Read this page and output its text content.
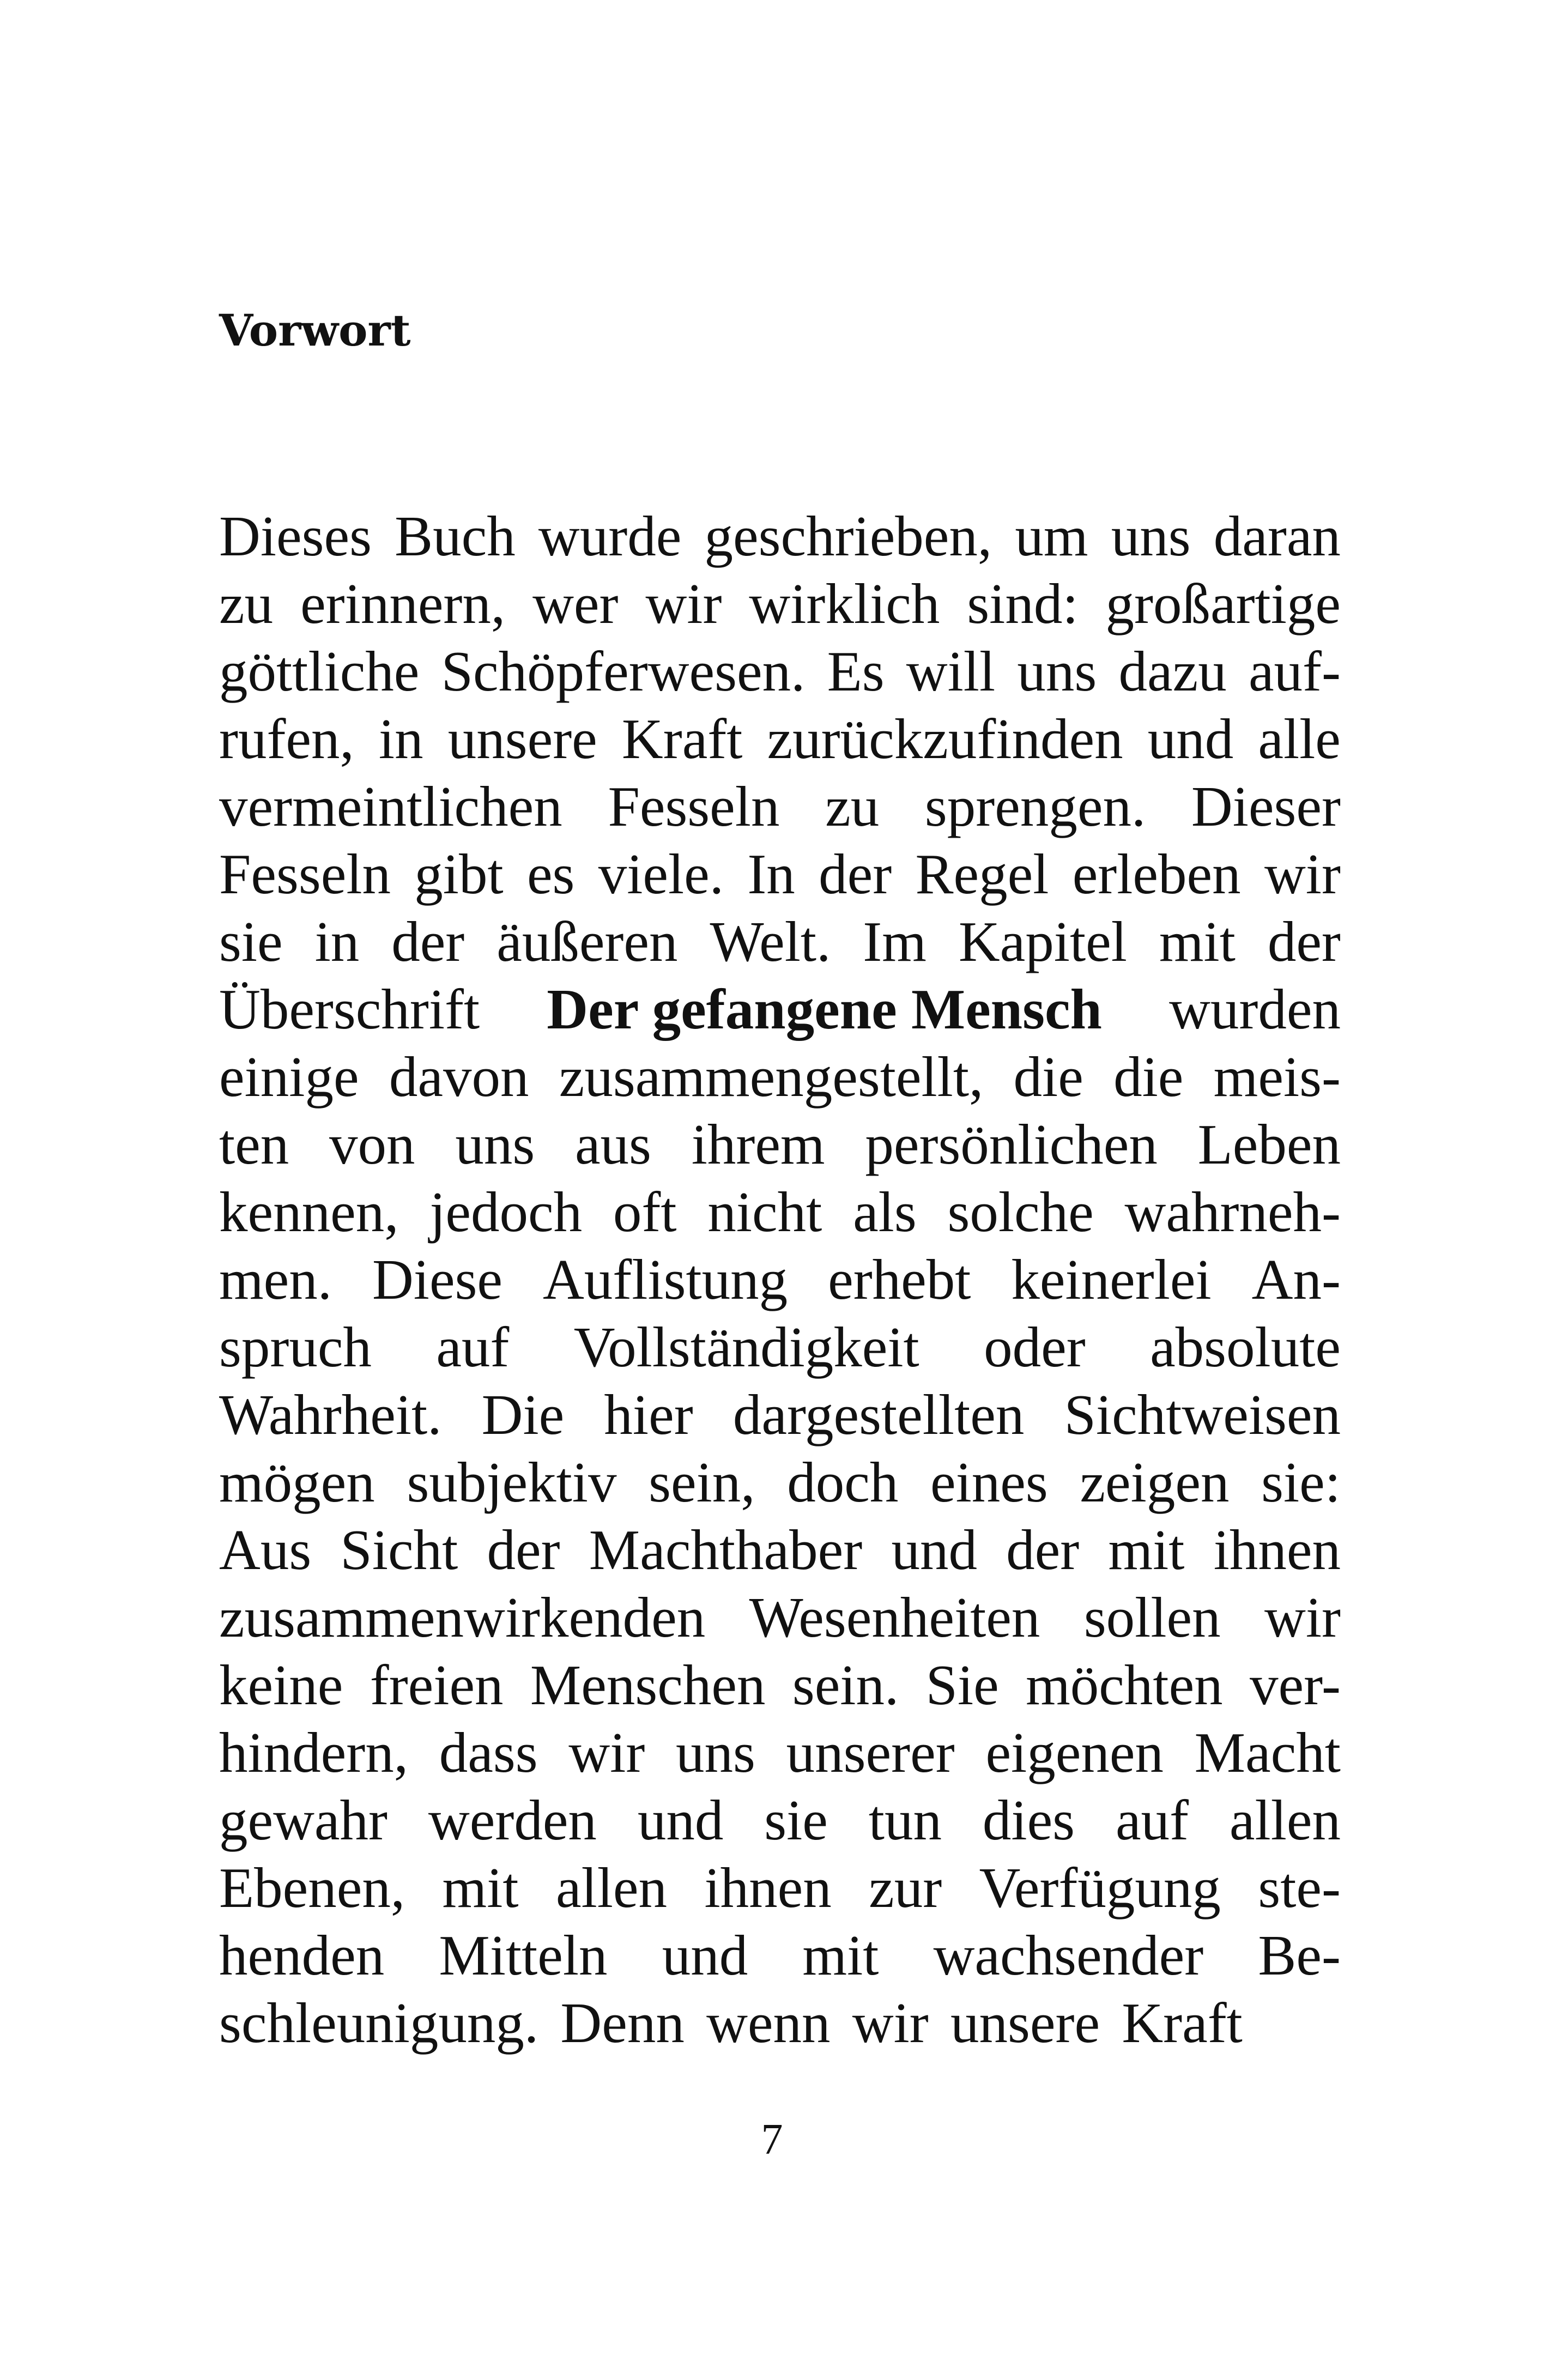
Vorwort
Dieses Buch wurde geschrieben, um uns daran
zu erinnern, wer wir wirklich sind: großartige
göttliche Schöpferwesen. Es will uns dazu auf-
rufen, in unsere Kraft zurückzufinden und alle
vermeintlichen Fesseln zu sprengen. Dieser
Fesseln gibt es viele. In der Regel erleben wir
sie in der äußeren Welt. Im Kapitel mit der
Überschrift Der gefangene Mensch wurden
einige davon zusammengestellt, die die meis-
ten von uns aus ihrem persönlichen Leben
kennen, jedoch oft nicht als solche wahrneh-
men. Diese Auflistung erhebt keinerlei An-
spruch auf Vollständigkeit oder absolute
Wahrheit. Die hier dargestellten Sichtweisen
mögen subjektiv sein, doch eines zeigen sie:
Aus Sicht der Machthaber und der mit ihnen
zusammenwirkenden Wesenheiten sollen wir
keine freien Menschen sein. Sie möchten ver-
hindern, dass wir uns unserer eigenen Macht
gewahr werden und sie tun dies auf allen
Ebenen, mit allen ihnen zur Verfügung ste-
henden Mitteln und mit wachsender Be-
schleunigung.
Denn
wenn
wir
unsere
Kraft

7
